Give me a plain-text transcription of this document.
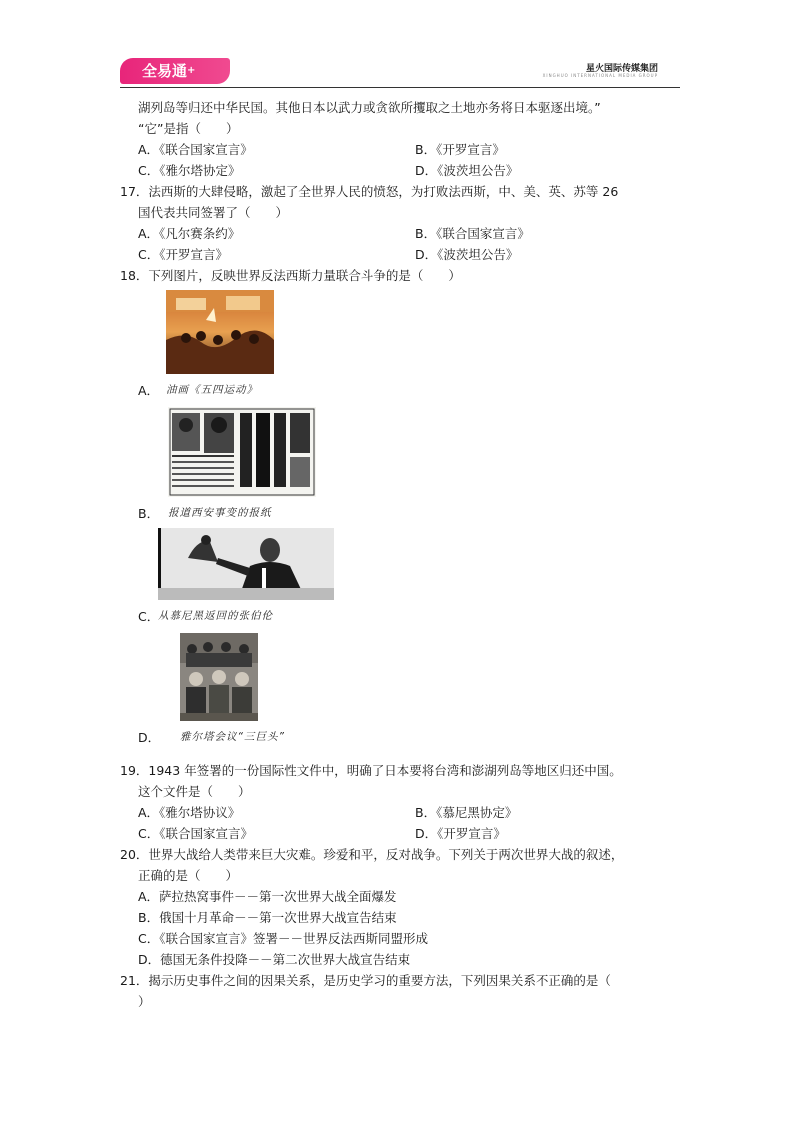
全易通+	星火国际传媒集团
XINGHUO INTERNATIONAL MEDIA GROUP
湖列岛等归还中华民国。其他日本以武力或贪欲所攫取之土地亦务将日本驱逐出境。”
“它”是指（　　）
A．《联合国家宣言》	B．《开罗宣言》
C．《雅尔塔协定》	D．《波茨坦公告》
17．法西斯的大肆侵略，激起了全世界人民的愤怒，为打败法西斯，中、美、英、苏等 26
国代表共同签署了（　　）
A．《凡尔赛条约》	B．《联合国家宣言》
C．《开罗宣言》	D．《波茨坦公告》
18．下列图片，反映世界反法西斯力量联合斗争的是（　　）
A． 油画《五四运动》
B． 报道西安事变的报纸
C．
从慕尼黑返回的张伯伦
D． 雅尔塔会议“三巨头”
19．1943 年签署的一份国际性文件中，明确了日本要将台湾和澎湖列岛等地区归还中国。
这个文件是（　　）
A．《雅尔塔协议》	B．《慕尼黑协定》
C．《联合国家宣言》	D．《开罗宣言》
20．世界大战给人类带来巨大灾难。珍爱和平，反对战争。下列关于两次世界大战的叙述，
正确的是（　　）
A．萨拉热窝事件－－第一次世界大战全面爆发
B．俄国十月革命－－第一次世界大战宣告结束
C．《联合国家宣言》签署－－世界反法西斯同盟形成
D．德国无条件投降－－第二次世界大战宣告结束
21．揭示历史事件之间的因果关系，是历史学习的重要方法，下列因果关系不正确的是（
）
